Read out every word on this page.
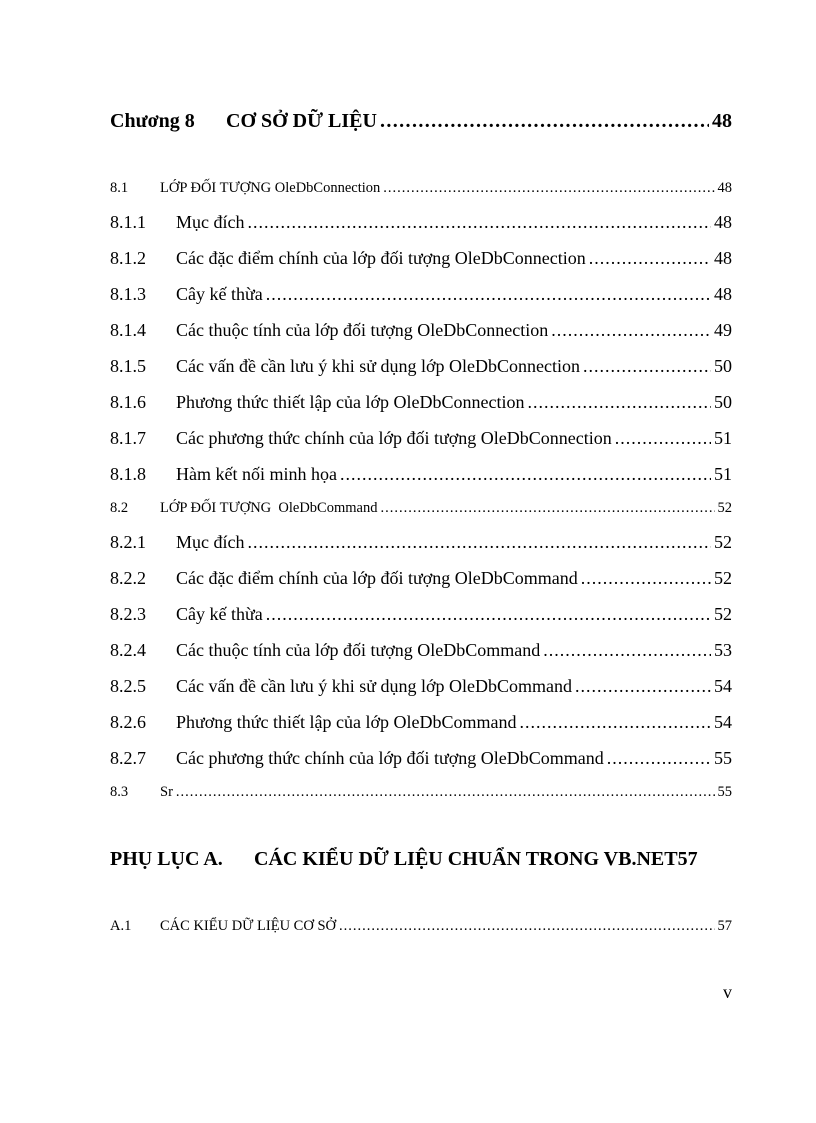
Chương 8	CƠ SỞ DỮ LIỆU .....	48
8.1	LỚP ĐỐI TƯỢNG OleDbConnection .....	48
8.1.1	Mục đích .....	48
8.1.2	Các đặc điểm chính của lớp đối tượng OleDbConnection .....	48
8.1.3	Cây kế thừa .....	48
8.1.4	Các thuộc tính của lớp đối tượng OleDbConnection .....	49
8.1.5	Các vấn đề cần lưu ý khi sử dụng lớp OleDbConnection .....	50
8.1.6	Phương thức thiết lập của lớp OleDbConnection .....	50
8.1.7	Các phương thức chính của lớp đối tượng OleDbConnection .....	51
8.1.8	Hàm kết nối minh họa .....	51
8.2	LỚP ĐỐI TƯỢNG  OleDbCommand .....	52
8.2.1	Mục đích .....	52
8.2.2	Các đặc điểm chính của lớp đối tượng OleDbCommand .....	52
8.2.3	Cây kế thừa .....	52
8.2.4	Các thuộc tính của lớp đối tượng OleDbCommand .....	53
8.2.5	Các vấn đề cần lưu ý khi sử dụng lớp OleDbCommand .....	54
8.2.6	Phương thức thiết lập của lớp OleDbCommand .....	54
8.2.7	Các phương thức chính của lớp đối tượng OleDbCommand .....	55
8.3	Sr .....	55
PHỤ LỤC A.	CÁC KIỂU DỮ LIỆU CHUẨN TRONG VB.NET 57
A.1	CÁC KIỂU DỮ LIỆU CƠ SỞ .....	57
v
